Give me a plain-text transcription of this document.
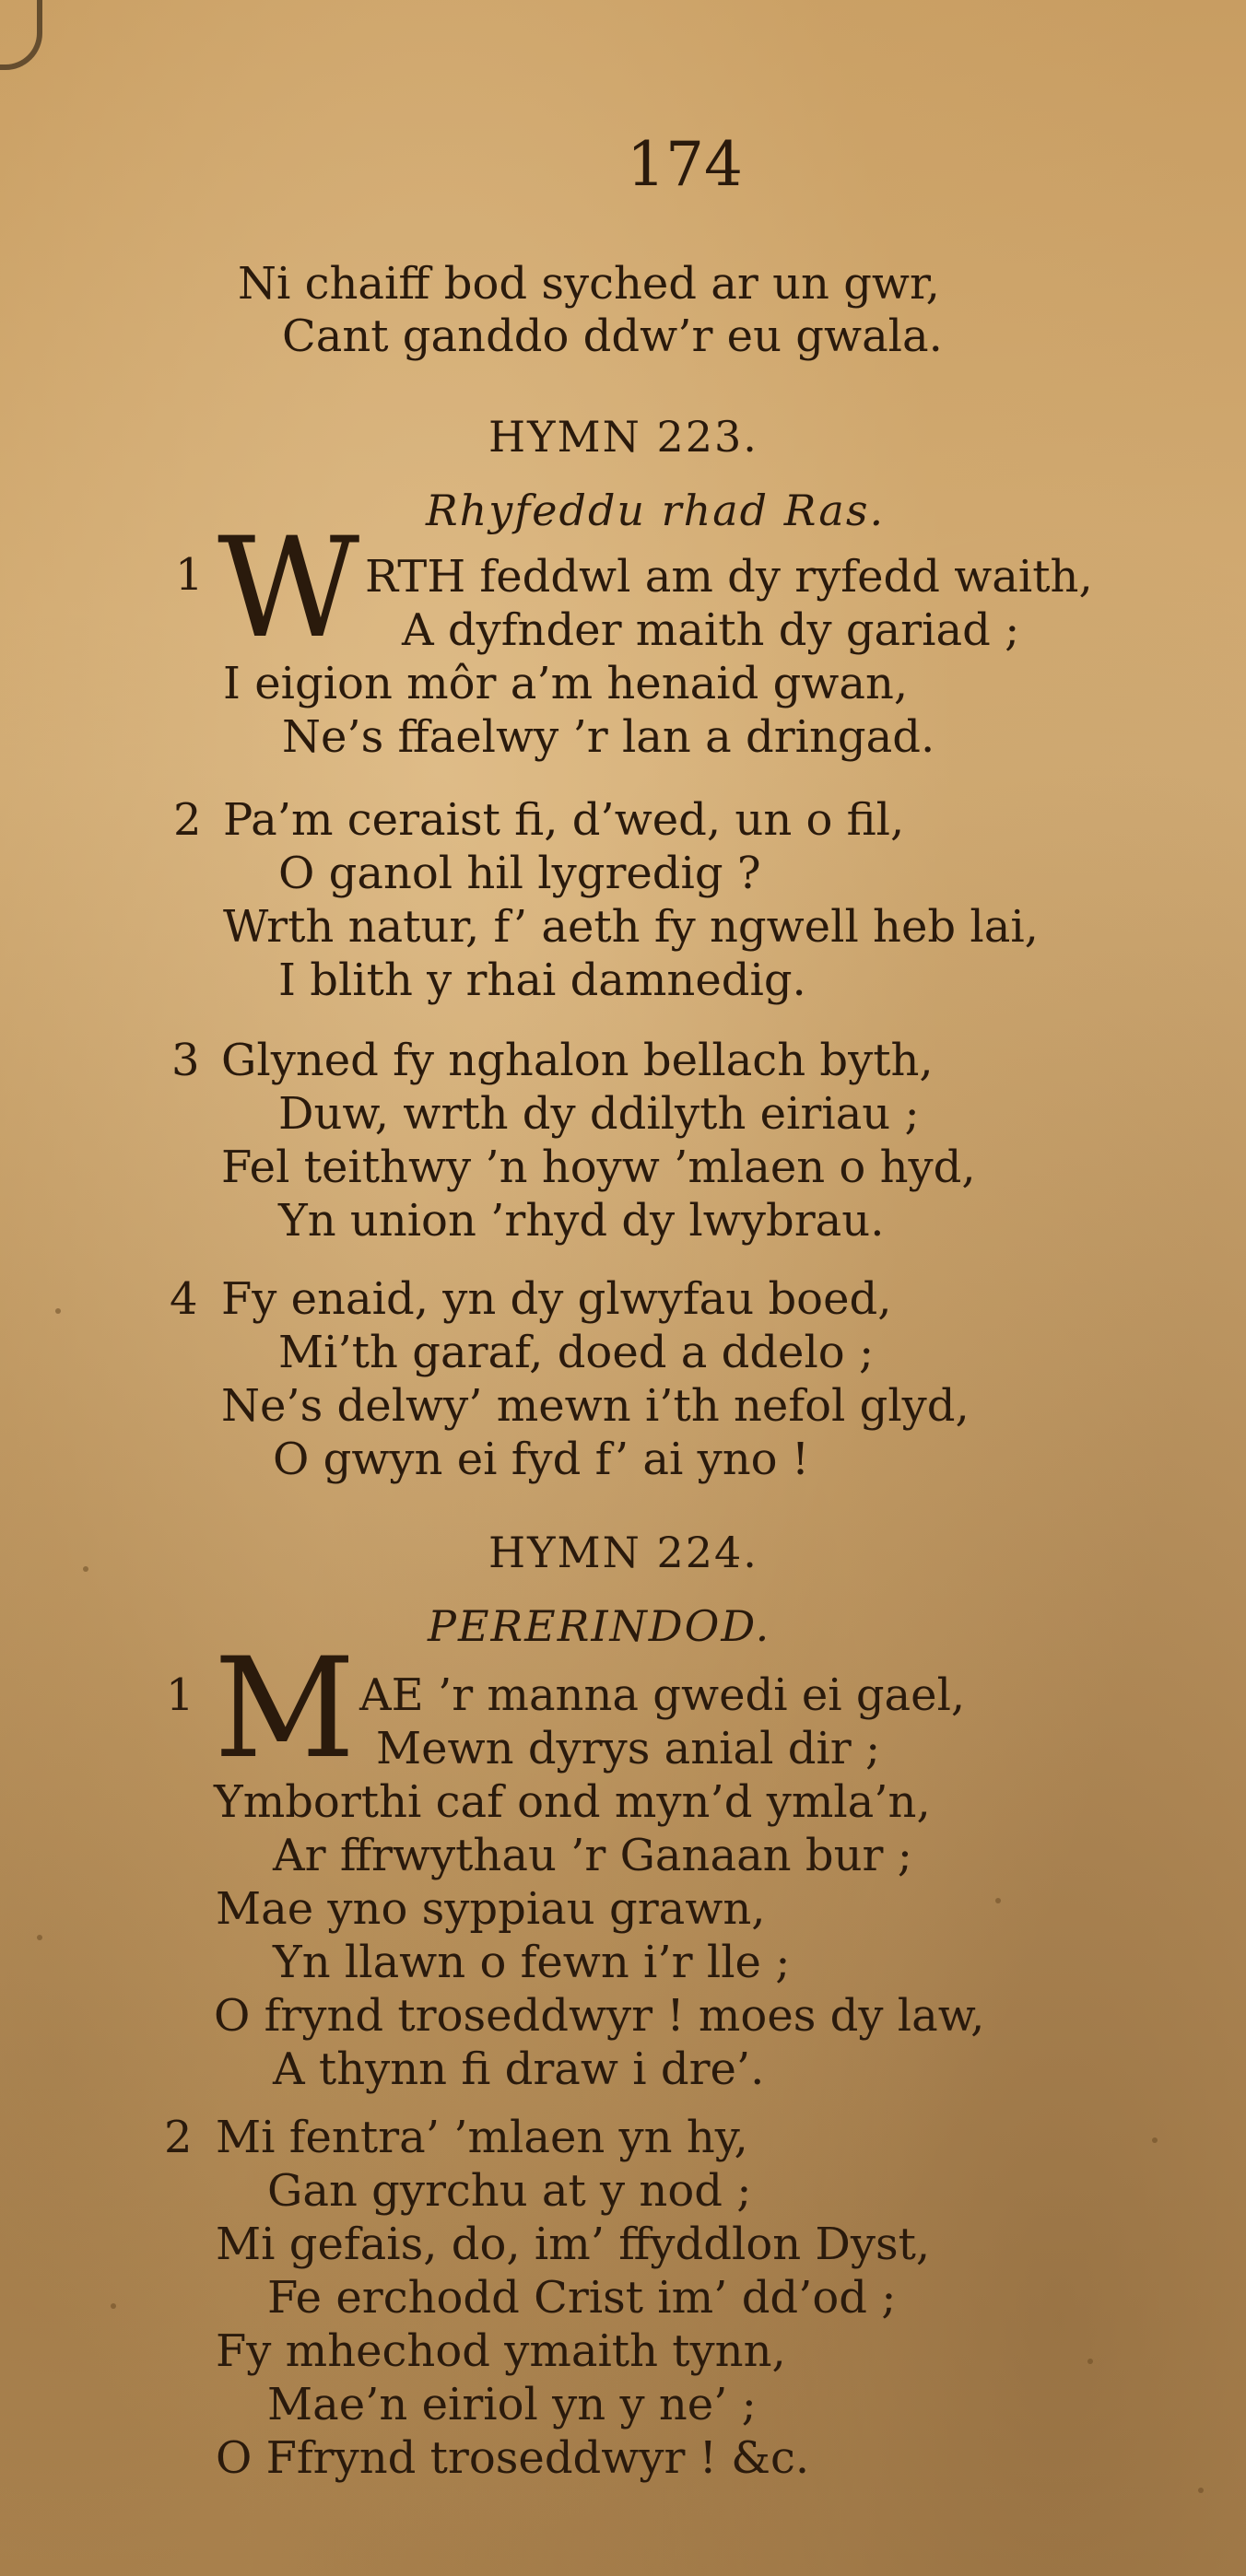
174
Ni chaiff bod syched ar un gwr,
Cant ganddo ddw’r eu gwala.
HYMN 223.
Rhyfeddu rhad Ras.
1 W RTH feddwl am dy ryfedd waith,
A dyfnder maith dy gariad ;
I eigion môr a’m henaid gwan,
Ne’s ffaelwy ’r lan a dringad.
2 Pa’m ceraist fi, d’wed, un o fil,
O ganol hil lygredig ?
Wrth natur, f’ aeth fy ngwell heb lai,
I blith y rhai damnedig.
3 Glyned fy nghalon bellach byth,
Duw, wrth dy ddilyth eiriau ;
Fel teithwy ’n hoyw ’mlaen o hyd,
Yn union ’rhyd dy lwybrau.
4 Fy enaid, yn dy glwyfau boed,
Mi’th garaf, doed a ddelo ;
Ne’s delwy’ mewn i’th nefol glyd,
O gwyn ei fyd f’ ai yno !
HYMN 224.
PERERINDOD.
1 M AE ’r manna gwedi ei gael,
Mewn dyrys anial dir ;
Ymborthi caf ond myn’d ymla’n,
Ar ffrwythau ’r Ganaan bur ;
Mae yno syppiau grawn,
Yn llawn o fewn i’r lle ;
O frynd troseddwyr ! moes dy law,
A thynn fi draw i dre’.
2 Mi fentra’ ’mlaen yn hy,
Gan gyrchu at y nod ;
Mi gefais, do, im’ ffyddlon Dyst,
Fe erchodd Crist im’ dd’od ;
Fy mhechod ymaith tynn,
Mae’n eiriol yn y ne’ ;
O Ffrynd troseddwyr ! &c.
